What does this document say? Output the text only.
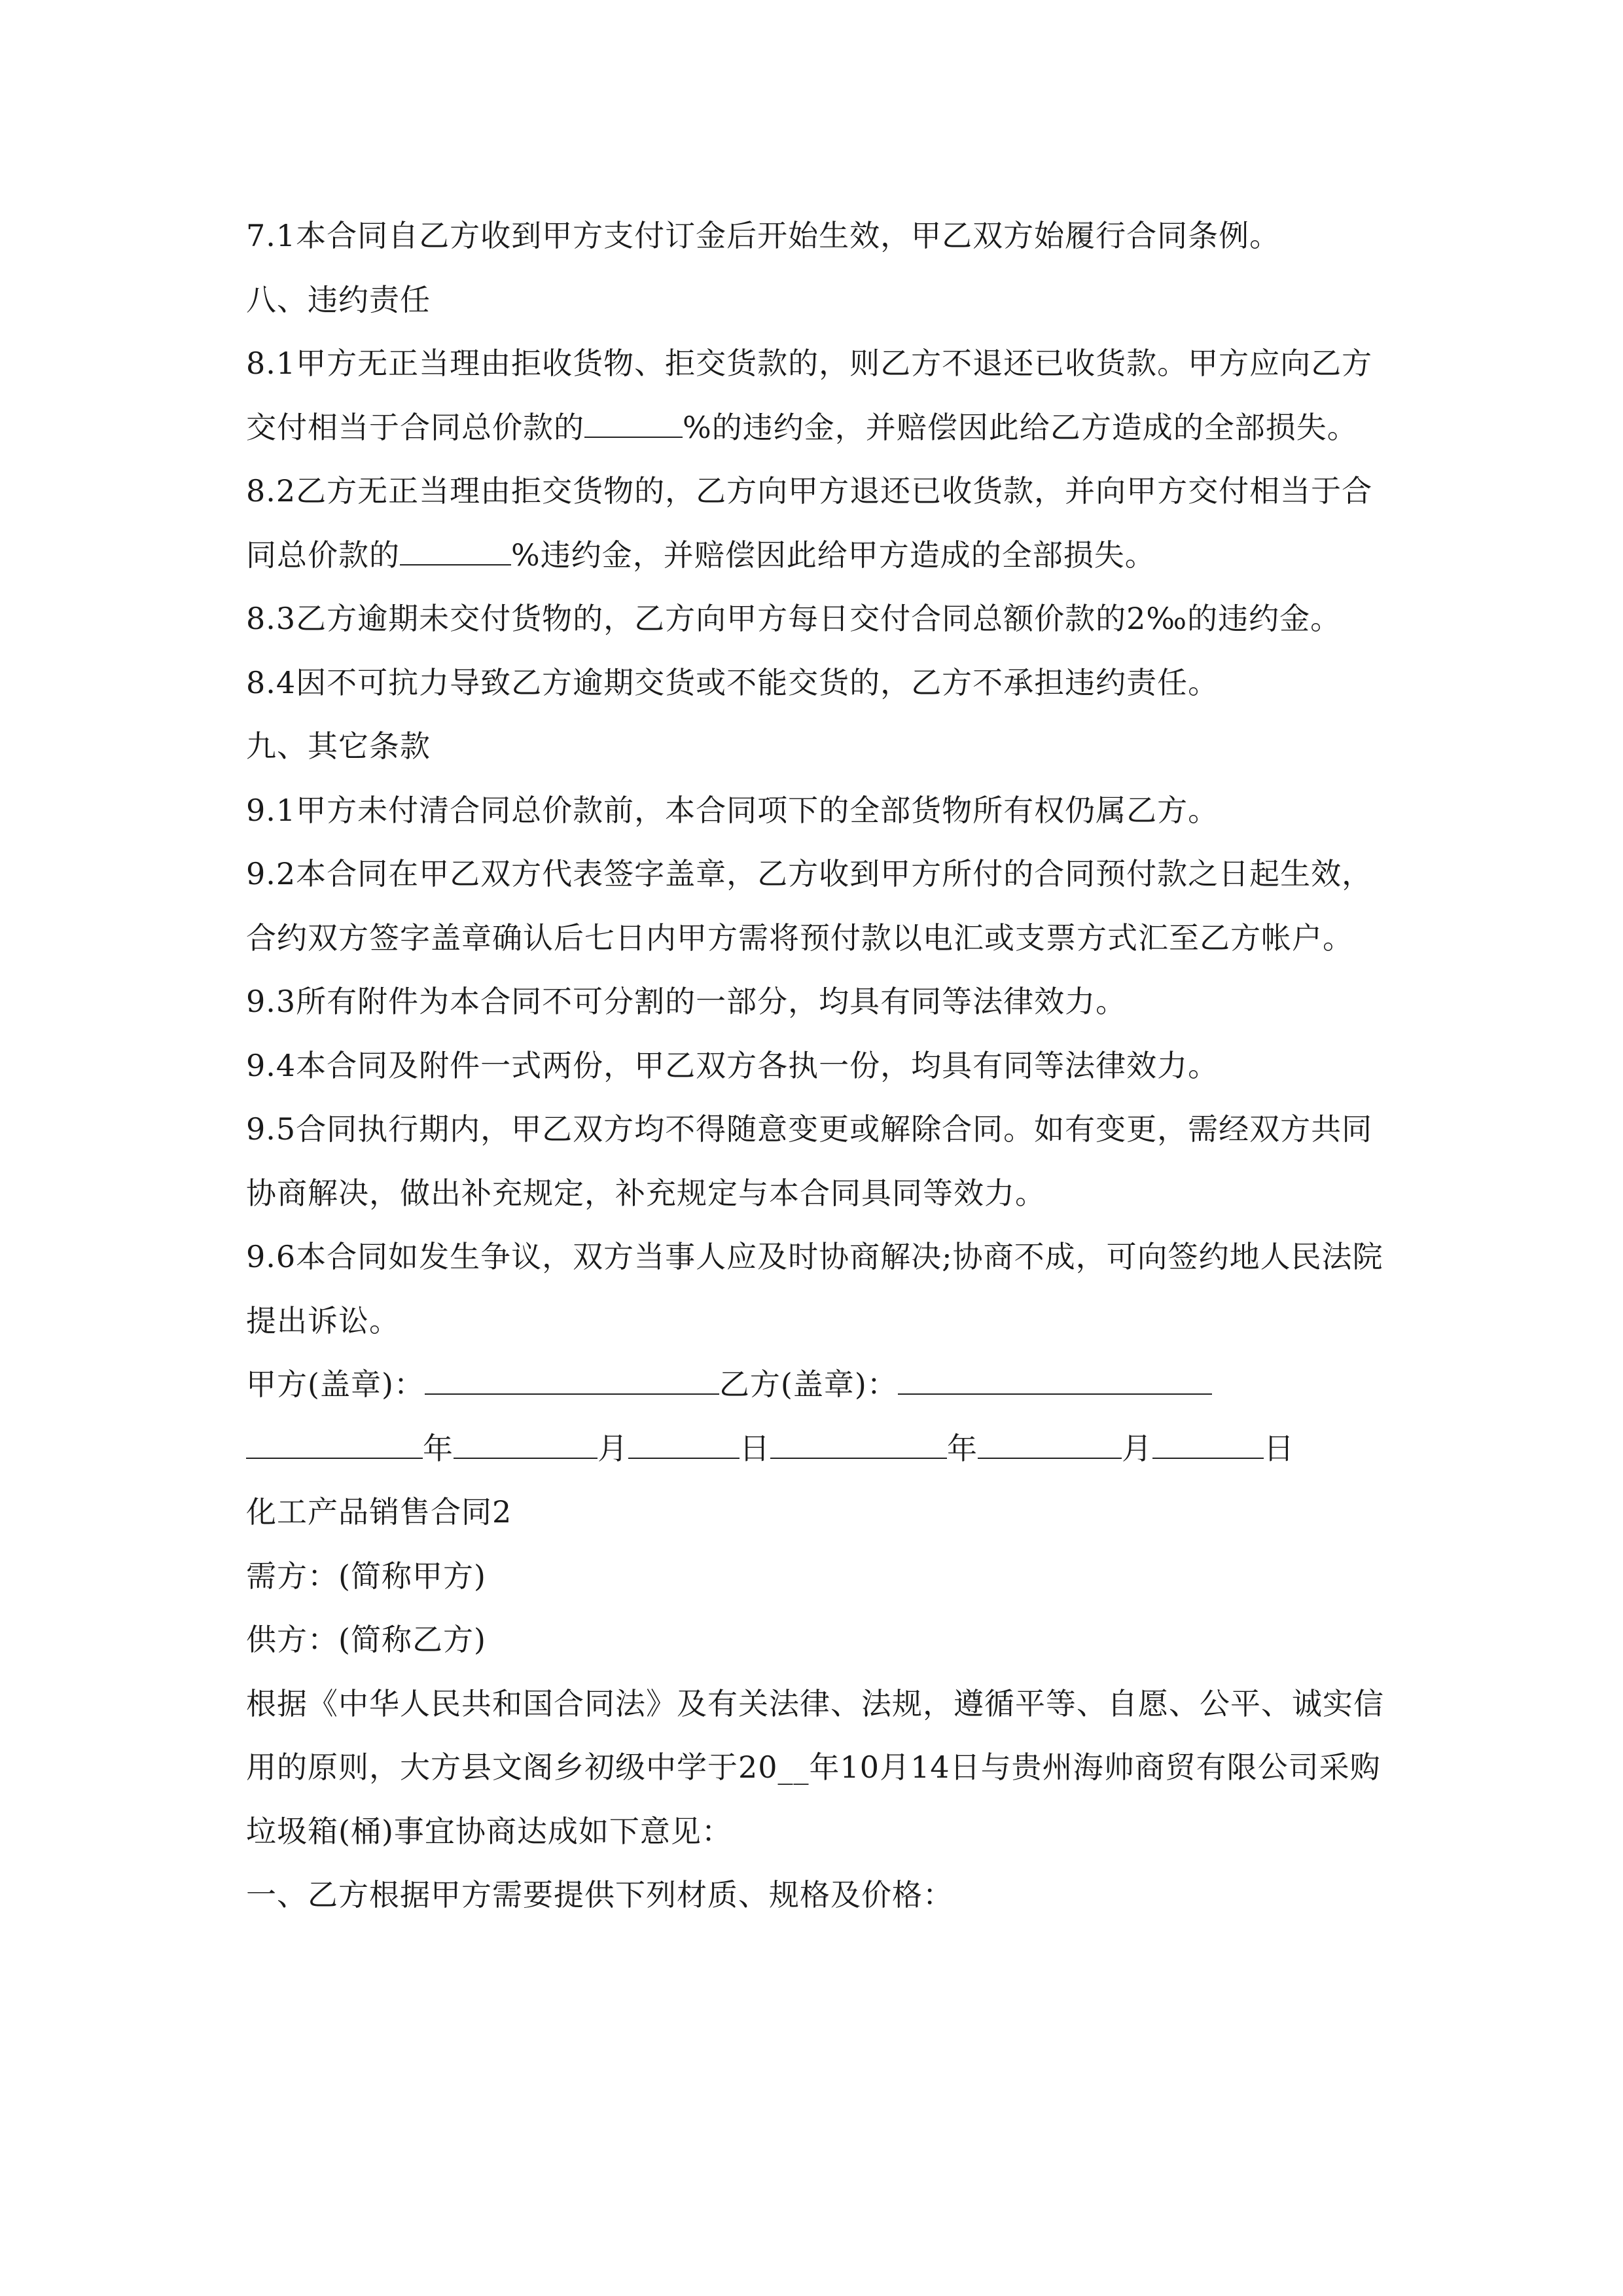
7.1本合同自乙方收到甲方支付订金后开始生效，甲乙双方始履行合同条例。

八、违约责任

8.1甲方无正当理由拒收货物、拒交货款的，则乙方不退还已收货款。甲方应向乙方交付相当于合同总价款的	%的违约金，并赔偿因此给乙方造成的全部损失。

8.2乙方无正当理由拒交货物的，乙方向甲方退还已收货款，并向甲方交付相当于合同总价款的	%违约金，并赔偿因此给甲方造成的全部损失。

8.3乙方逾期未交付货物的，乙方向甲方每日交付合同总额价款的2‰的违约金。

8.4因不可抗力导致乙方逾期交货或不能交货的，乙方不承担违约责任。

九、其它条款

9.1甲方未付清合同总价款前，本合同项下的全部货物所有权仍属乙方。

9.2本合同在甲乙双方代表签字盖章，乙方收到甲方所付的合同预付款之日起生效，合约双方签字盖章确认后七日内甲方需将预付款以电汇或支票方式汇至乙方帐户。

9.3所有附件为本合同不可分割的一部分，均具有同等法律效力。

9.4本合同及附件一式两份，甲乙双方各执一份，均具有同等法律效力。

9.5合同执行期内，甲乙双方均不得随意变更或解除合同。如有变更，需经双方共同协商解决，做出补充规定，补充规定与本合同具同等效力。

9.6本合同如发生争议，双方当事人应及时协商解决;协商不成，可向签约地人民法院提出诉讼。

甲方(盖章)：	乙方(盖章)：

年	月	日	年	月	日

化工产品销售合同2

需方：(简称甲方)

供方：(简称乙方)

根据《中华人民共和国合同法》及有关法律、法规，遵循平等、自愿、公平、诚实信用的原则，大方县文阁乡初级中学于20__年10月14日与贵州海帅商贸有限公司采购垃圾箱(桶)事宜协商达成如下意见：

一、乙方根据甲方需要提供下列材质、规格及价格：
